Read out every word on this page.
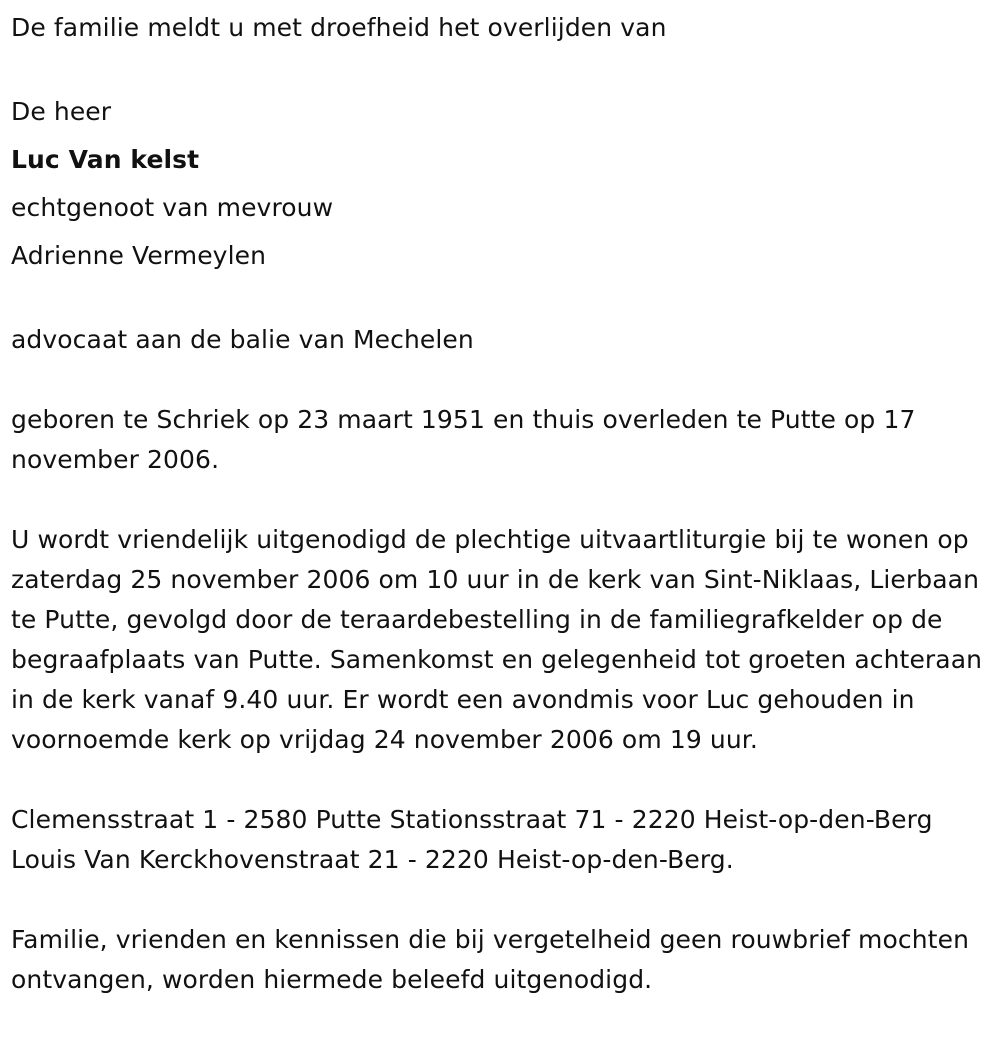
De familie meldt u met droefheid het overlijden van
De heer
Luc Van kelst
echtgenoot van mevrouw
Adrienne Vermeylen
advocaat aan de balie van Mechelen
geboren te Schriek op 23 maart 1951 en thuis overleden te Putte op 17 november 2006.
U wordt vriendelijk uitgenodigd de plechtige uitvaartliturgie bij te wonen op zaterdag 25 november 2006 om 10 uur in de kerk van Sint-Niklaas, Lierbaan te Putte, gevolgd door de teraardebestelling in de familiegrafkelder op de begraafplaats van Putte. Samenkomst en gelegenheid tot groeten achteraan in de kerk vanaf 9.40 uur. Er wordt een avondmis voor Luc gehouden in voornoemde kerk op vrijdag 24 november 2006 om 19 uur.
Clemensstraat 1 - 2580 Putte Stationsstraat 71 - 2220 Heist-op-den-Berg Louis Van Kerckhovenstraat 21 - 2220 Heist-op-den-Berg.
Familie, vrienden en kennissen die bij vergetelheid geen rouwbrief mochten ontvangen, worden hiermede beleefd uitgenodigd.
